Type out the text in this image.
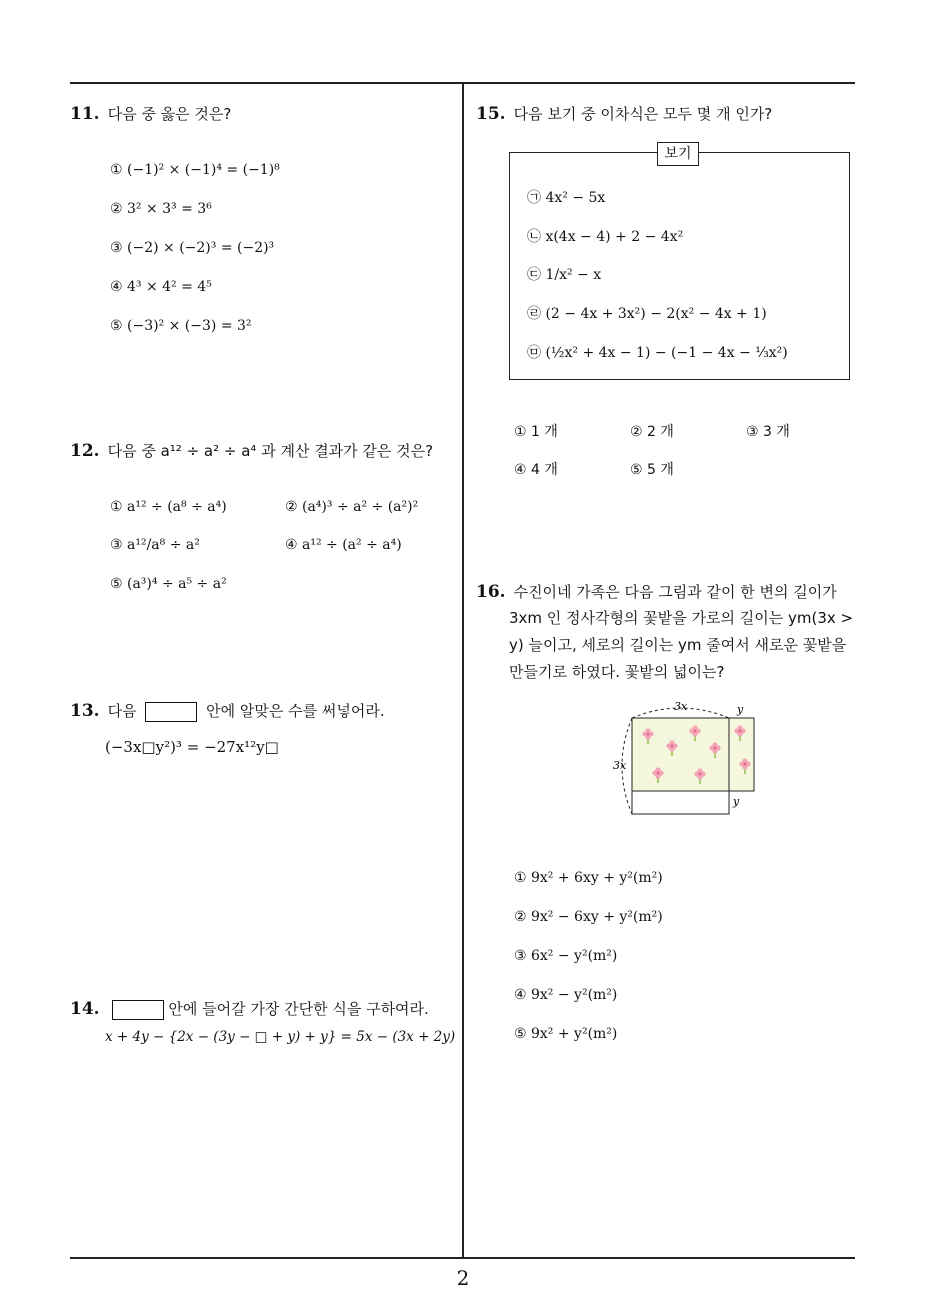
11. 다음 중 옳은 것은?
① (−1)² × (−1)⁴ = (−1)⁸
② 3² × 3³ = 3⁶
③ (−2) × (−2)³ = (−2)³
④ 4³ × 4² = 4⁵
⑤ (−3)² × (−3) = 3²
12. 다음 중 a¹² ÷ a² ÷ a⁴ 과 계산 결과가 같은 것은?
① a¹² ÷ (a⁸ ÷ a⁴)	② (a⁴)³ ÷ a² ÷ (a²)²
③ a¹²/a⁸ ÷ a²	④ a¹² ÷ (a² ÷ a⁴)
⑤ (a³)⁴ ÷ a⁵ ÷ a²
13. 다음	안에 알맞은 수를 써넣어라.
(−3x□y²)³ = −27x¹²y□
14.	안에 들어갈 가장 간단한 식을 구하여라.
x + 4y − {2x − (3y − □ + y) + y} = 5x − (3x + 2y)
15. 다음 보기 중 이차식은 모두 몇 개 인가?
보기
㉠ 4x² − 5x
㉡ x(4x − 4) + 2 − 4x²
㉢ 1/x² − x
㉣ (2 − 4x + 3x²) − 2(x² − 4x + 1)
㉤ (½x² + 4x − 1) − (−1 − 4x − ⅓x²)
① 1 개	② 2 개	③ 3 개
④ 4 개	⑤ 5 개
16. 수진이네 가족은 다음 그림과 같이 한 변의 길이가
3xm 인 정사각형의 꽃밭을 가로의 길이는 ym(3x >
y) 늘이고, 세로의 길이는 ym 줄여서 새로운 꽃밭을
만들기로 하였다. 꽃밭의 넓이는?
3x
3x
y
y
① 9x² + 6xy + y²(m²)
② 9x² − 6xy + y²(m²)
③ 6x² − y²(m²)
④ 9x² − y²(m²)
⑤ 9x² + y²(m²)
2
